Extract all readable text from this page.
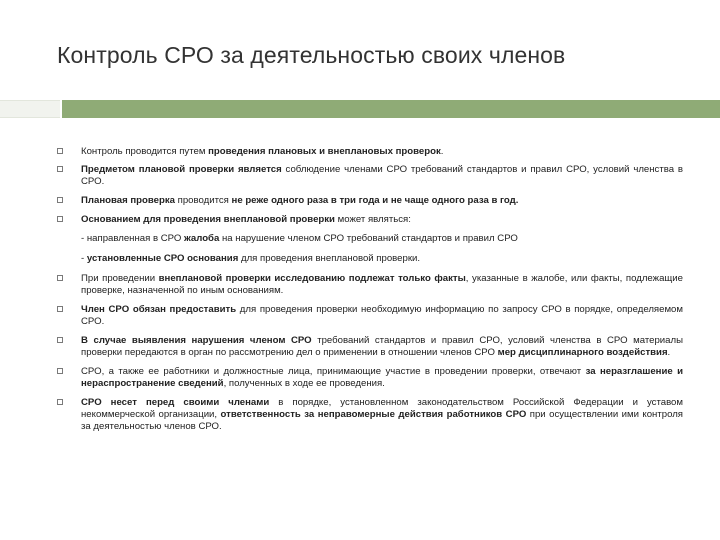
Контроль СРО за деятельностью своих членов
Контроль проводится путем проведения плановых и внеплановых проверок.
Предметом плановой проверки является соблюдение членами СРО требований стандартов и правил СРО, условий членства в СРО.
Плановая проверка проводится не реже одного раза в три года и не чаще одного раза в год.
Основанием для проведения внеплановой проверки может являться:
- направленная в СРО жалоба на нарушение членом СРО требований стандартов и правил СРО
- установленные СРО основания для проведения внеплановой проверки.
При проведении внеплановой проверки исследованию подлежат только факты, указанные в жалобе, или факты, подлежащие проверке, назначенной по иным основаниям.
Член СРО обязан предоставить для проведения проверки необходимую информацию по запросу СРО в порядке, определяемом СРО.
В случае выявления нарушения членом СРО требований стандартов и правил СРО, условий членства в СРО материалы проверки передаются в орган по рассмотрению дел о применении в отношении членов СРО мер дисциплинарного воздействия.
СРО, а также ее работники и должностные лица, принимающие участие в проведении проверки, отвечают за неразглашение и нераспространение сведений, полученных в ходе ее проведения.
СРО несет перед своими членами в порядке, установленном законодательством Российской Федерации и уставом некоммерческой организации, ответственность за неправомерные действия работников СРО при осуществлении ими контроля за деятельностью членов СРО.
